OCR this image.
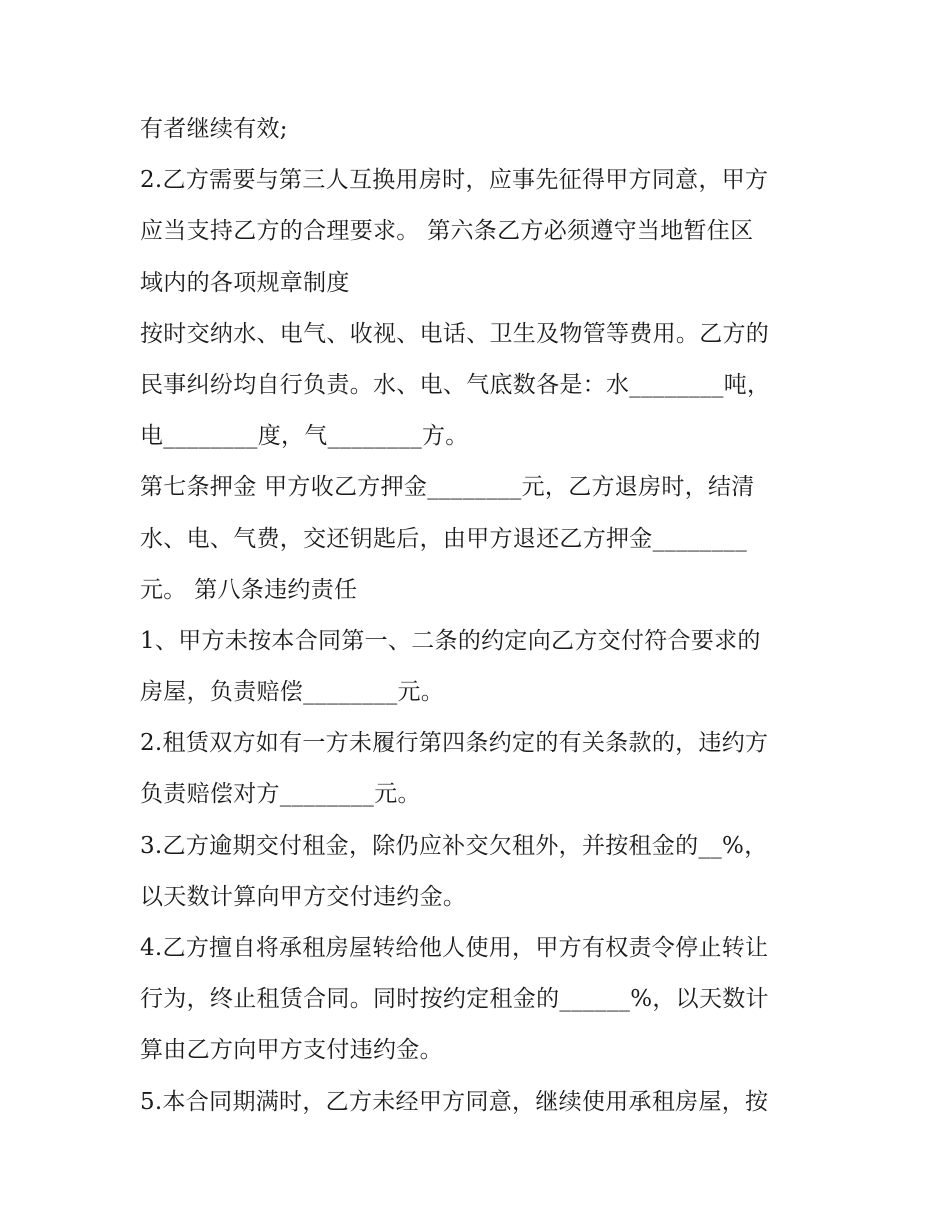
有者继续有效;
2.乙方需要与第三人互换用房时，应事先征得甲方同意，甲方
应当支持乙方的合理要求。 第六条乙方必须遵守当地暂住区
域内的各项规章制度
按时交纳水、电气、收视、电话、卫生及物管等费用。乙方的
民事纠纷均自行负责。水、电、气底数各是：水________吨，
电________度，气________方。
第七条押金 甲方收乙方押金________元，乙方退房时，结清
水、电、气费，交还钥匙后，由甲方退还乙方押金________
元。 第八条违约责任
1、甲方未按本合同第一、二条的约定向乙方交付符合要求的
房屋，负责赔偿________元。
2.租赁双方如有一方未履行第四条约定的有关条款的，违约方
负责赔偿对方________元。
3.乙方逾期交付租金，除仍应补交欠租外，并按租金的__%，
以天数计算向甲方交付违约金。
4.乙方擅自将承租房屋转给他人使用，甲方有权责令停止转让
行为，终止租赁合同。同时按约定租金的______%，以天数计
算由乙方向甲方支付违约金。
5.本合同期满时，乙方未经甲方同意，继续使用承租房屋，按
